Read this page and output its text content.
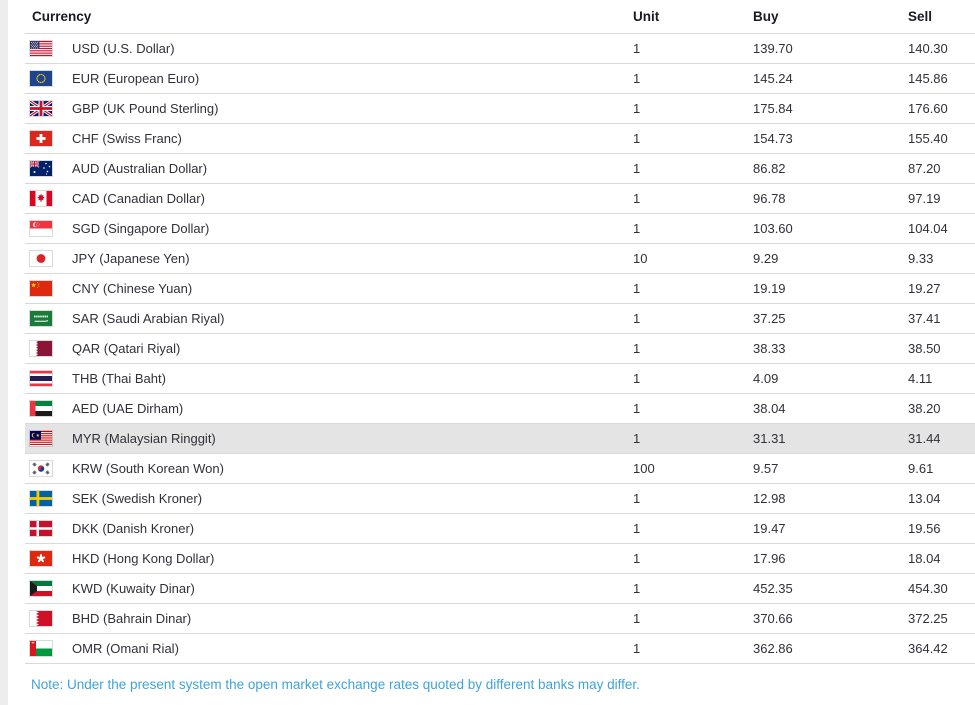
Currency	Unit	Buy	Sell
USD (U.S. Dollar)	1	139.70	140.30
EUR (European Euro)	1	145.24	145.86
GBP (UK Pound Sterling)	1	175.84	176.60
CHF (Swiss Franc)	1	154.73	155.40
AUD (Australian Dollar)	1	86.82	87.20
CAD (Canadian Dollar)	1	96.78	97.19
SGD (Singapore Dollar)	1	103.60	104.04
JPY (Japanese Yen)	10	9.29	9.33
CNY (Chinese Yuan)	1	19.19	19.27
SAR (Saudi Arabian Riyal)	1	37.25	37.41
QAR (Qatari Riyal)	1	38.33	38.50
THB (Thai Baht)	1	4.09	4.11
AED (UAE Dirham)	1	38.04	38.20
MYR (Malaysian Ringgit)	1	31.31	31.44
KRW (South Korean Won)	100	9.57	9.61
SEK (Swedish Kroner)	1	12.98	13.04
DKK (Danish Kroner)	1	19.47	19.56
HKD (Hong Kong Dollar)	1	17.96	18.04
KWD (Kuwaity Dinar)	1	452.35	454.30
BHD (Bahrain Dinar)	1	370.66	372.25
OMR (Omani Rial)	1	362.86	364.42
Note: Under the present system the open market exchange rates quoted by different banks may differ.
